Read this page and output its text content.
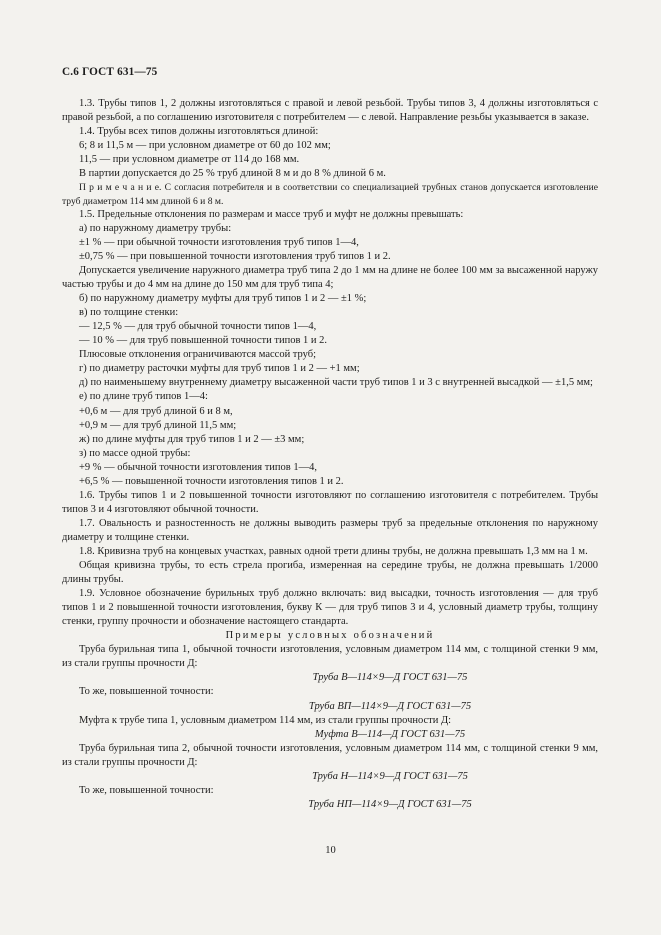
С.6 ГОСТ 631—75

1.3. Трубы типов 1, 2 должны изготовляться с правой и левой резьбой. Трубы типов 3, 4 должны изготовляться с правой резьбой, а по соглашению изготовителя с потребителем — с левой. Направление резьбы указывается в заказе.

1.4. Трубы всех типов должны изготовляться длиной:

6; 8 и 11,5 м — при условном диаметре от 60 до 102 мм;

11,5 — при условном диаметре от 114 до 168 мм.

В партии допускается до 25 % труб длиной 8 м и до 8 % длиной 6 м.

П р и м е ч а н и е. С согласия потребителя и в соответствии со специализацией трубных станов допускается изготовление труб диаметром 114 мм длиной 6 и 8 м.

1.5. Предельные отклонения по размерам и массе труб и муфт не должны превышать:

а) по наружному диаметру трубы:

±1 % — при обычной точности изготовления труб типов 1—4,

±0,75 % — при повышенной точности изготовления труб типов 1 и 2.

Допускается увеличение наружного диаметра труб типа 2 до 1 мм на длине не более 100 мм за высаженной наружу частью трубы и до 4 мм на длине до 150 мм для труб типа 4;

б) по наружному диаметру муфты для труб типов 1 и 2 — ±1 %;

в) по толщине стенки:

— 12,5 % — для труб обычной точности типов 1—4,

— 10 % — для труб повышенной точности типов 1 и 2.

Плюсовые отклонения ограничиваются массой труб;

г) по диаметру расточки муфты для труб типов 1 и 2 — +1 мм;

д) по наименьшему внутреннему диаметру высаженной части труб типов 1 и 3 с внутренней высадкой — ±1,5 мм;

е) по длине труб типов 1—4:

+0,6 м — для труб длиной 6 и 8 м,

+0,9 м — для труб длиной 11,5 мм;

ж) по длине муфты для труб типов 1 и 2 — ±3 мм;

з) по массе одной трубы:

+9 % — обычной точности изготовления типов 1—4,

+6,5 % — повышенной точности изготовления типов 1 и 2.

1.6. Трубы типов 1 и 2 повышенной точности изготовляют по соглашению изготовителя с потребителем. Трубы типов 3 и 4 изготовляют обычной точности.

1.7. Овальность и разностенность не должны выводить размеры труб за предельные отклонения по наружному диаметру и толщине стенки.

1.8. Кривизна труб на концевых участках, равных одной трети длины трубы, не должна превышать 1,3 мм на 1 м.

Общая кривизна трубы, то есть стрела прогиба, измеренная на середине трубы, не должна превышать 1/2000 длины трубы.

1.9. Условное обозначение бурильных труб должно включать: вид высадки, точность изготовления — для труб типов 1 и 2 повышенной точности изготовления, букву К — для труб типов 3 и 4, условный диаметр трубы, толщину стенки, группу прочности и обозначение настоящего стандарта.

Примеры условных обозначений

Труба бурильная типа 1, обычной точности изготовления, условным диаметром 114 мм, с толщиной стенки 9 мм, из стали группы прочности Д:

Труба В—114×9—Д ГОСТ 631—75

То же, повышенной точности:

Труба ВП—114×9—Д ГОСТ 631—75

Муфта к трубе типа 1, условным диаметром 114 мм, из стали группы прочности Д:

Муфта В—114—Д ГОСТ 631—75

Труба бурильная типа 2, обычной точности изготовления, условным диаметром 114 мм, с толщиной стенки 9 мм, из стали группы прочности Д:

Труба Н—114×9—Д ГОСТ 631—75

То же, повышенной точности:

Труба НП—114×9—Д ГОСТ 631—75

10
